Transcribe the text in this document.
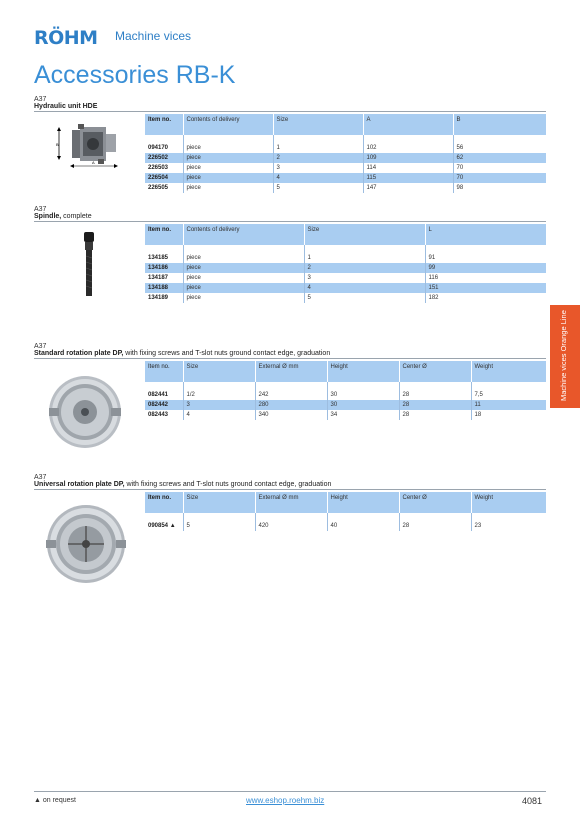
RÖHM Machine vices
Accessories RB-K
Machine vices Orange Line
A37
Hydraulic unit HDE
B
A
Item no.	Contents of delivery	Size	A	B

094170	piece	1	102	56
226502	piece	2	109	62
226503	piece	3	114	70
226504	piece	4	115	70
226505	piece	5	147	98
A37
Spindle, complete
Item no.	Contents of delivery	Size	L

134185	piece	1	91
134186	piece	2	99
134187	piece	3	116
134188	piece	4	151
134189	piece	5	182
A37
Standard rotation plate DP, with fixing screws and T-slot nuts ground contact edge, graduation
Item no.	Size	External Ø mm	Height	Center Ø	Weight

082441	1/2	242	30	28	7,5
082442	3	280	30	28	11
082443	4	340	34	28	18
A37
Universal rotation plate DP, with fixing screws and T-slot nuts ground contact edge, graduation
Item no.	Size	External Ø mm	Height	Center Ø	Weight

090854 ▲	5	420	40	28	23
▲ on request	www.eshop.roehm.biz	4081
